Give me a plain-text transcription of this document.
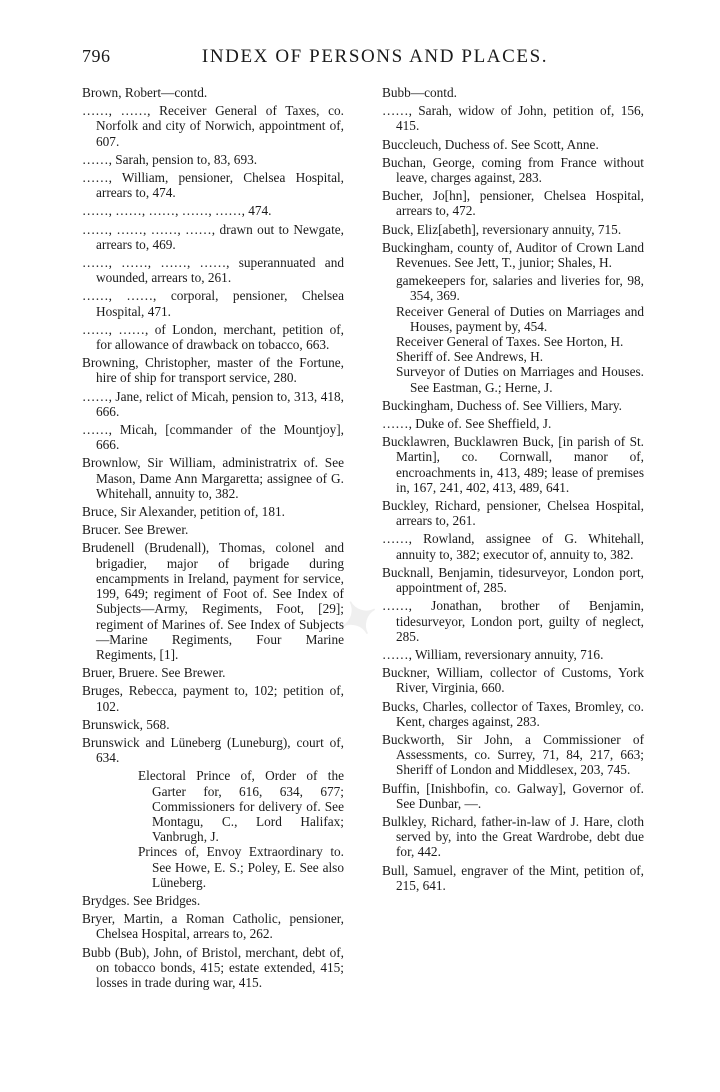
796	INDEX OF PERSONS AND PLACES.
Brown, Robert—contd.
……, ……, Receiver General of Taxes, co. Norfolk and city of Norwich, appointment of, 607.
……, Sarah, pension to, 83, 693.
……, William, pensioner, Chelsea Hospital, arrears to, 474.
……, ……, ……, ……, ……, 474.
……, ……, ……, ……, drawn out to Newgate, arrears to, 469.
……, ……, ……, ……, superannuated and wounded, arrears to, 261.
……, ……, corporal, pensioner, Chelsea Hospital, 471.
……, ……, of London, merchant, petition of, for allowance of drawback on tobacco, 663.
Browning, Christopher, master of the Fortune, hire of ship for transport service, 280.
……, Jane, relict of Micah, pension to, 313, 418, 666.
……, Micah, [commander of the Mountjoy], 666.
Brownlow, Sir William, administratrix of. See Mason, Dame Ann Margaretta; assignee of G. Whitehall, annuity to, 382.
Bruce, Sir Alexander, petition of, 181.
Brucer. See Brewer.
Brudenell (Brudenall), Thomas, colonel and brigadier, major of brigade during encampments in Ireland, payment for service, 199, 649; regiment of Foot of. See Index of Subjects—Army, Regiments, Foot, [29]; regiment of Marines of. See Index of Subjects—Marine Regiments, Four Marine Regiments, [1].
Bruer, Bruere. See Brewer.
Bruges, Rebecca, payment to, 102; petition of, 102.
Brunswick, 568.
Brunswick and Lüneberg (Luneburg), court of, 634.
Electoral Prince of, Order of the Garter for, 616, 634, 677; Commissioners for delivery of. See Montagu, C., Lord Halifax; Vanbrugh, J.
Princes of, Envoy Extraordinary to. See Howe, E. S.; Poley, E. See also Lüneberg.
Brydges. See Bridges.
Bryer, Martin, a Roman Catholic, pensioner, Chelsea Hospital, arrears to, 262.
Bubb (Bub), John, of Bristol, merchant, debt of, on tobacco bonds, 415; estate extended, 415; losses in trade during war, 415.
Bubb—contd.
……, Sarah, widow of John, petition of, 156, 415.
Buccleuch, Duchess of. See Scott, Anne.
Buchan, George, coming from France without leave, charges against, 283.
Bucher, Jo[hn], pensioner, Chelsea Hospital, arrears to, 472.
Buck, Eliz[abeth], reversionary annuity, 715.
Buckingham, county of, Auditor of Crown Land Revenues. See Jett, T., junior; Shales, H.
gamekeepers for, salaries and liveries for, 98, 354, 369.
Receiver General of Duties on Marriages and Houses, payment by, 454.
Receiver General of Taxes. See Horton, H.
Sheriff of. See Andrews, H.
Surveyor of Duties on Marriages and Houses. See Eastman, G.; Herne, J.
Buckingham, Duchess of. See Villiers, Mary.
……, Duke of. See Sheffield, J.
Bucklawren, Bucklawren Buck, [in parish of St. Martin], co. Cornwall, manor of, encroachments in, 413, 489; lease of premises in, 167, 241, 402, 413, 489, 641.
Buckley, Richard, pensioner, Chelsea Hospital, arrears to, 261.
……, Rowland, assignee of G. Whitehall, annuity to, 382; executor of, annuity to, 382.
Bucknall, Benjamin, tidesurveyor, London port, appointment of, 285.
……, Jonathan, brother of Benjamin, tidesurveyor, London port, guilty of neglect, 285.
……, William, reversionary annuity, 716.
Buckner, William, collector of Customs, York River, Virginia, 660.
Bucks, Charles, collector of Taxes, Bromley, co. Kent, charges against, 283.
Buckworth, Sir John, a Commissioner of Assessments, co. Surrey, 71, 84, 217, 663; Sheriff of London and Middlesex, 203, 745.
Buffin, [Inishbofin, co. Galway], Governor of. See Dunbar, —.
Bulkley, Richard, father-in-law of J. Hare, cloth served by, into the Great Wardrobe, debt due for, 442.
Bull, Samuel, engraver of the Mint, petition of, 215, 641.
✦
